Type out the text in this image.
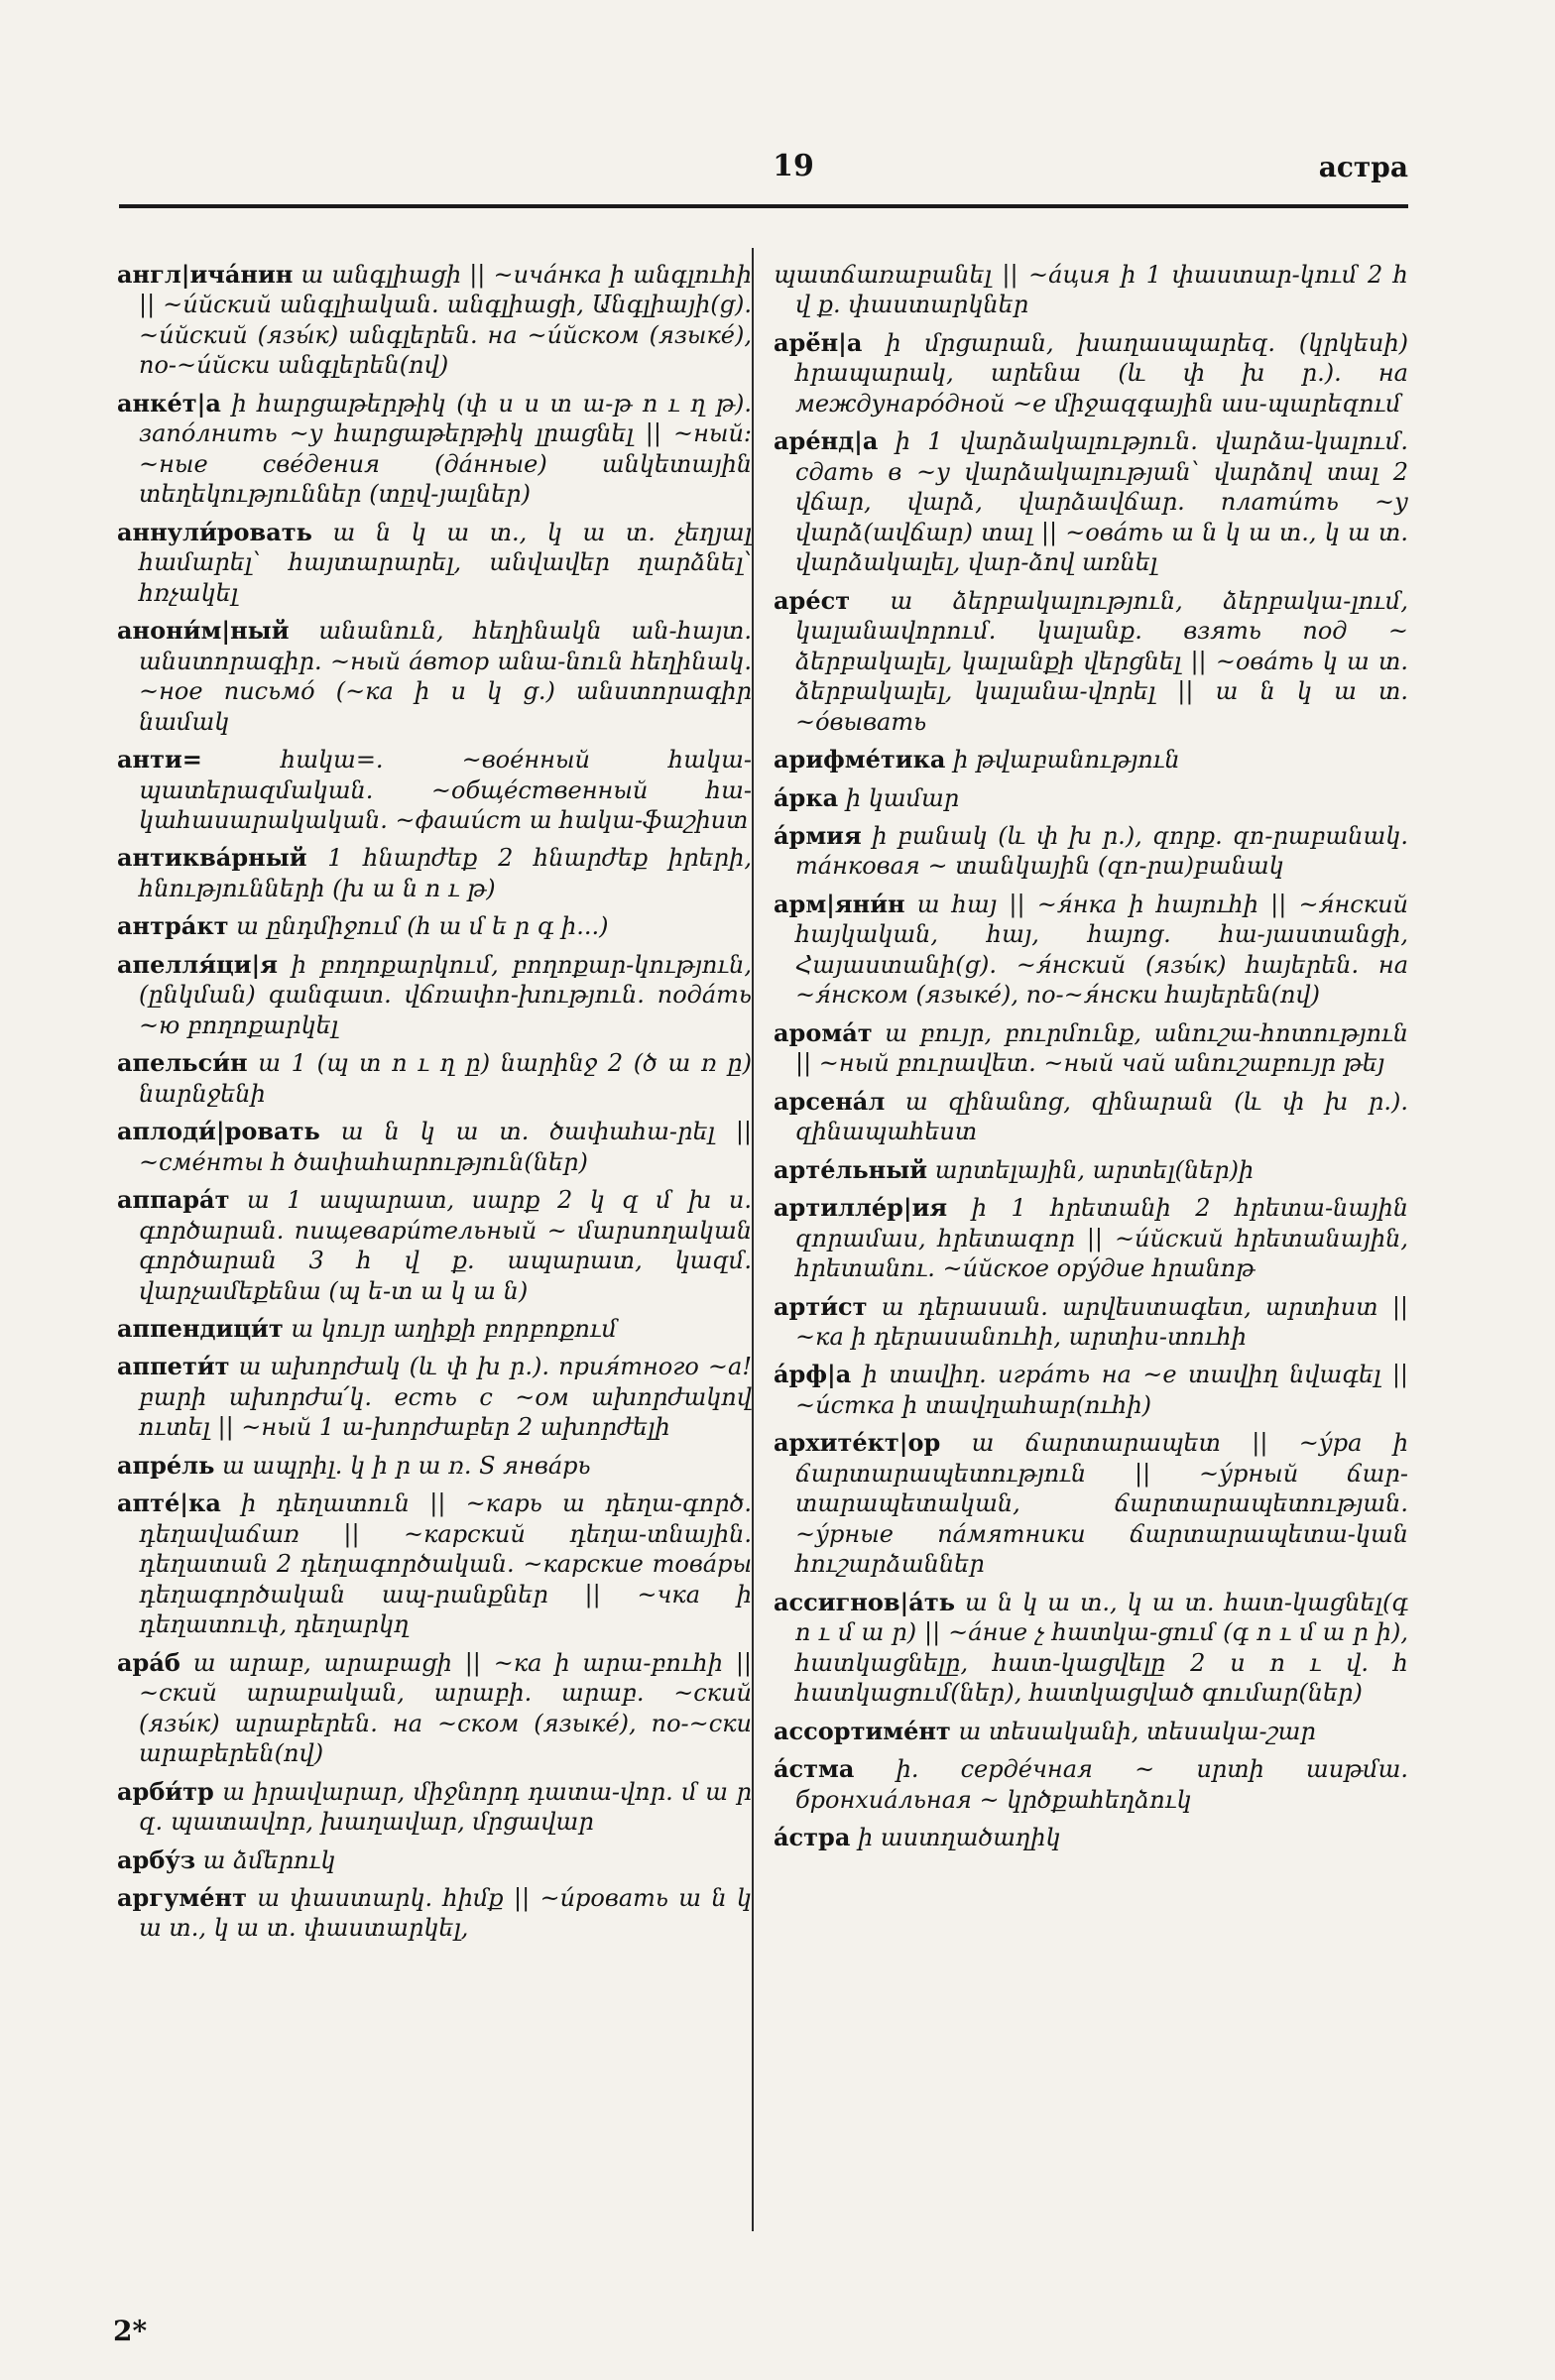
19	астра

англ|ича́нин ա անգլիացի || ~ича́нка ի անգլուհի || ~и́йский անգլիական. անգլիացի, Անգլիայի(ց). ~и́йский (язы́к) անգլերեն. на ~и́йском (языке́), по-~и́йски անգլերեն(ով)

анке́т|а ի հարցաթերթիկ (փ ս ս տ ա-թ ո ւ ղ թ). запо́лнить ~у հարցաթերթիկ լրացնել || ~ный: ~ные све́дения (да́нные) անկետային տեղեկություններ (տըվ-յալներ)

аннули́ровать ա ն կ ա տ., կ ա տ. չեղյալ համարել՝ հայտարարել, անվավեր ղարձնել՝ հռչակել

анони́м|ный անանուն, հեղինակն ան-հայտ. անստորագիր. ~ный а́втор անա-նուն հեղինակ. ~ное письмо́ (~ка ի ս կ ց.) անստորագիր նամակ

анти=	հակա=. ~вое́нный հակա-պատերազմական. ~обще́ственный հա-կահասարակական. ~фаши́ст ա հակա-ֆաշիստ

антиква́рный 1 հնարժեք 2 հնարժեք իրերի, հնությունների (խ ա ն ո ւ թ)

антра́кт ա ընդմիջում (հ ա մ ե ր գ ի...)

апелля́ци|я ի բողոքարկում, բողոքար-կություն, (ընկման) գանգատ. վճռափո-խություն. пода́ть ~ю բողոքարկել

апельси́н ա 1 (պ տ ո ւ ղ ը) նարինջ 2 (ծ ա ռ ը) նարնջենի

аплоди́|ровать ա ն կ ա տ. ծափահա-րել || ~сме́нты հ ծափահարություն(ներ)

аппара́т ա 1 ապարատ, սարք 2 կ զ մ խ ս. գործարան. пищевари́тельный ~ մարսողական գործարան 3 հ վ ք. ապարատ, կազմ. վարչամեքենա (պ ե-տ ա կ ա ն)

аппендици́т ա կույր աղիքի բորբոքում

аппети́т ա ախորժակ (և փ խ ր.). прия́тного ~а! բարի ախորժա՛կ. есть с ~ом ախորժակով ուտել || ~ный 1 ա-խորժաբեր 2 ախորժելի

апре́ль ա ապրիլ. կ ի ր ա ռ. S янва́рь

апте́|ка ի դեղատուն || ~карь ա դեղա-գործ. դեղավաճառ || ~карский դեղա-տնային. դեղատան 2 դեղագործական. ~карские това́ры դեղագործական ապ-րանքներ || ~чка ի դեղատուփ, դեղարկղ

ара́б ա արաբ, արաբացի || ~ка ի արա-բուհի || ~ский արաբական, արաբի. արաբ. ~ский (язы́к) արաբերեն. на ~ском (языке́), по-~ски արաբերեն(ով)

арби́тр ա իրավարար, միջնորդ դատա-վոր. մ ա ր զ. պատավոր, խաղավար, մրցավար

арбу́з ա ձմերուկ

аргуме́нт ա փաստարկ. հիմք || ~и́ровать ա ն կ ա տ., կ ա տ. փաստարկել,

պատճառաբանել || ~а́ция ի 1 փաստար-կում 2 հ վ ք. փաստարկներ

арё́н|а ի մրցարան, խաղասպարեզ. (կրկեսի) հրապարակ, արենա (և փ խ ր.). на междунаро́дной ~е միջազգային աս-պարեզում

аре́нд|а ի 1 վարձակալություն. վարձա-կալում. сдать в ~у վարձակալության՝ վարձով տալ 2 վճար, վարձ, վարձավճար. плати́ть ~у վարձ(ավճար) տալ || ~ова́ть ա ն կ ա տ., կ ա տ. վարձակալել, վար-ձով առնել

аре́ст ա ձերբակալություն, ձերբակա-լում, կալանավորում. կալանք. взять под ~ ձերբակալել, կալանքի վերցնել || ~ова́ть կ ա տ. ձերբակալել, կալանա-վորել || ա ն կ ա տ. ~о́вывать

арифме́тика ի թվաբանություն

а́рка ի կամար

а́рмия ի բանակ (և փ խ ր.), զորք. զո-րաբանակ. та́нковая ~ տանկային (զո-րա)բանակ

арм|яни́н ա հայ || ~я́нка ի հայուհի || ~я́нский հայկական, հայ, հայոց. հա-յաստանցի, Հայաստանի(ց). ~я́нский (язы́к) հայերեն. на ~я́нском (языке́), по-~я́нски հայերեն(ով)

арома́т ա բույր, բուրմունք, անուշա-հոտություն || ~ный բուրավետ. ~ный чай անուշաբույր թեյ

арсена́л ա զինանոց, զինարան (և փ խ ր.). զինապահեստ

арте́льный արտելային, արտել(ներ)ի

артилле́р|ия ի 1 հրետանի 2 հրետա-նային զորամաս, հրետազոր || ~и́йский հրետանային, հրետանու. ~и́йское ору́дие հրանոթ

арти́ст ա դերասան. արվեստագետ, արտիստ || ~ка ի դերասանուհի, արտիս-տուհի

а́рф|а ի տավիղ. игра́ть на ~е տավիղ նվագել || ~и́стка ի տավղահար(ուհի)

архите́кт|ор ա ճարտարապետ || ~у́ра ի ճարտարապետություն || ~у́рный ճար-տարապետական, ճարտարապետության. ~у́рные па́мятники ճարտարապետա-կան հուշարձաններ

ассигнов|а́ть ա ն կ ա տ., կ ա տ. հատ-կացնել(գ ո ւ մ ա ր) || ~а́ние չ հատկա-ցում (գ ո ւ մ ա ր ի), հատկացնելը, հատ-կացվելը 2 ս ո ւ վ. հ հատկացում(ներ), հատկացված գումար(ներ)

ассортиме́нт ա տեսականի, տեսակա-շար

а́стма ի. серде́чная ~ սրտի ասթմա. бронхиа́льная ~ կրծքահեղձուկ

а́стра ի աստղածաղիկ

2*
